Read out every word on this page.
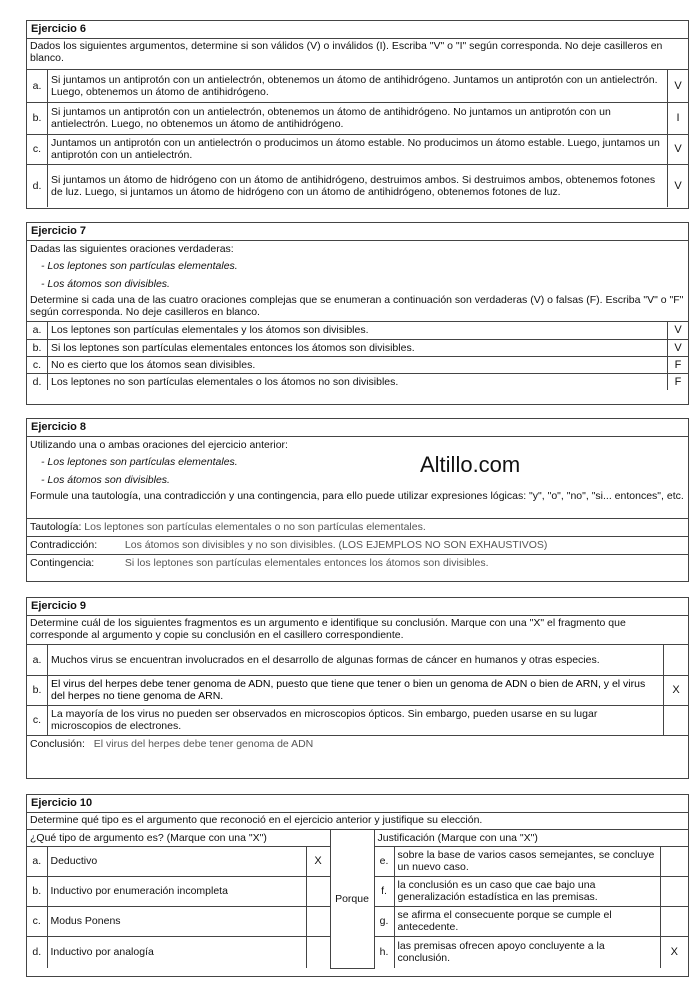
Altillo.com
Ejercicio 6
Dados los siguientes argumentos, determine si son válidos (V) o inválidos (I). Escriba "V" o "I" según corresponda. No deje casilleros en blanco.
a.	Si juntamos un antiprotón con un antielectrón, obtenemos un átomo de antihidrógeno. Juntamos un antiprotón con un antielectrón. Luego, obtenemos un átomo de antihidrógeno.	V
b.	Si juntamos un antiprotón con un antielectrón, obtenemos un átomo de antihidrógeno. No juntamos un antiprotón con un antielectrón. Luego, no obtenemos un átomo de antihidrógeno.	I
c.	Juntamos un antiprotón con un antielectrón o producimos un átomo estable. No producimos un átomo estable. Luego, juntamos un antiprotón con un antielectrón.	V
d.	Si juntamos un átomo de hidrógeno con un átomo de antihidrógeno, destruimos ambos. Si destruimos ambos, obtenemos fotones de luz. Luego, si juntamos un átomo de hidrógeno con un átomo de antihidrógeno, obtenemos fotones de luz.	V
Ejercicio 7
Dadas las siguientes oraciones verdaderas:
- Los leptones son partículas elementales.
- Los átomos son divisibles.
Determine si cada una de las cuatro oraciones complejas que se enumeran a continuación son verdaderas (V) o falsas (F). Escriba "V" o "F" según corresponda. No deje casilleros en blanco.
a.	Los leptones son partículas elementales y los átomos son divisibles.	V
b.	Si los leptones son partículas elementales entonces los átomos son divisibles.	V
c.	No es cierto que los átomos sean divisibles.	F
d.	Los leptones no son partículas elementales o los átomos no son divisibles.	F
Ejercicio 8
Utilizando una o ambas oraciones del ejercicio anterior:
- Los leptones son partículas elementales.
- Los átomos son divisibles.
Formule una tautología, una contradicción y una contingencia, para ello puede utilizar expresiones lógicas: "y", "o", "no", "si... entonces", etc.
Tautología: Los leptones son partículas elementales o no son partículas elementales.
Contradicción:	Los átomos son divisibles y no son divisibles. (LOS EJEMPLOS NO SON EXHAUSTIVOS)
Contingencia:	Si los leptones son partículas elementales entonces los átomos son divisibles.
Ejercicio 9
Determine cuál de los siguientes fragmentos es un argumento e identifique su conclusión. Marque con una "X" el fragmento que corresponde al argumento y copie su conclusión en el casillero correspondiente.
a.	Muchos virus se encuentran involucrados en el desarrollo de algunas formas de cáncer en humanos y otras especies.	
b.	El virus del herpes debe tener genoma de ADN, puesto que tiene que tener o bien un genoma de ADN o bien de ARN, y el virus del herpes no tiene genoma de ARN.	X
c.	La mayoría de los virus no pueden ser observados en microscopios ópticos. Sin embargo, pueden usarse en su lugar microscopios de electrones.	
Conclusión: El virus del herpes debe tener genoma de ADN
Ejercicio 10
Determine qué tipo es el argumento que reconoció en el ejercicio anterior y justifique su elección.
¿Qué tipo de argumento es? (Marque con una "X")			Porque	Justificación (Marque con una "X")		
a.	Deductivo	X		e.	sobre la base de varios casos semejantes, se concluye un nuevo caso.	
b.	Inductivo por enumeración incompleta			f.	la conclusión es un caso que cae bajo una generalización estadística en las premisas.	
c.	Modus Ponens			g.	se afirma el consecuente porque se cumple el antecedente.	
d.	Inductivo por analogía			h.	las premisas ofrecen apoyo concluyente a la conclusión.	X
